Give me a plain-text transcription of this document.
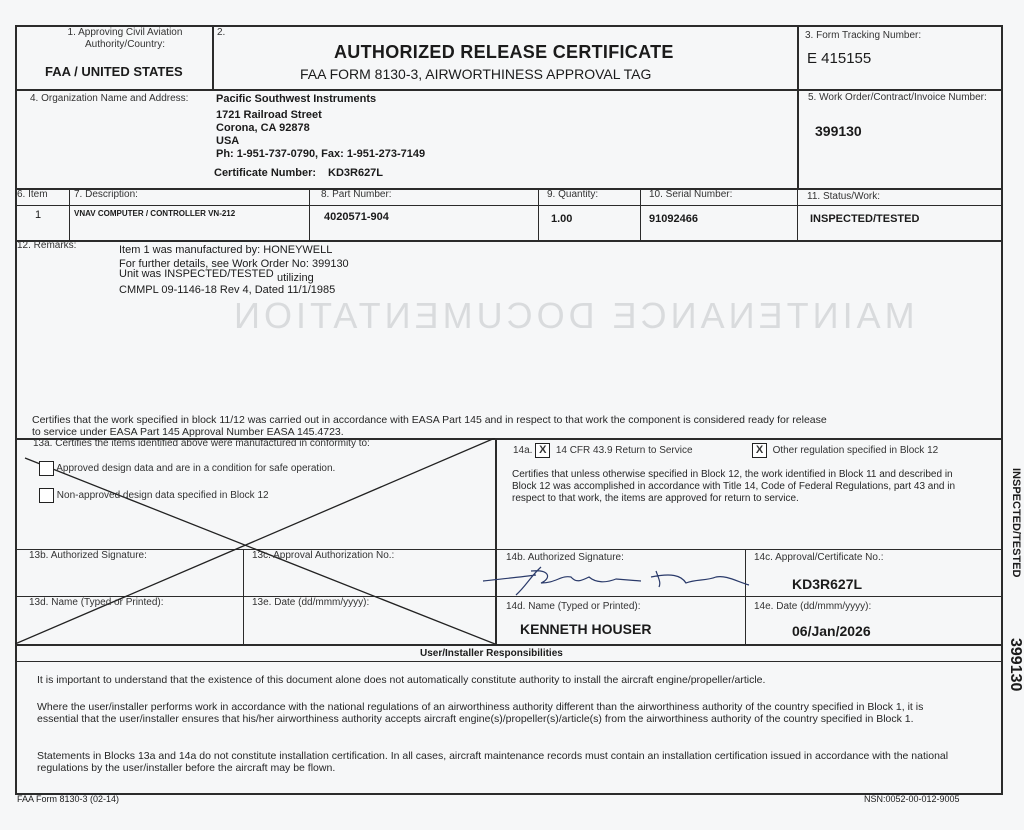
MAINTENANCE DOCUMENTATION
1. Approving Civil Aviation Authority/Country:
FAA / UNITED STATES
2.
AUTHORIZED RELEASE CERTIFICATE
FAA FORM 8130-3, AIRWORTHINESS APPROVAL TAG
3. Form Tracking Number:
E 415155
4. Organization Name and Address:	Pacific Southwest Instruments
1721 Railroad Street
Corona, CA 92878
USA
Ph: 1-951-737-0790, Fax: 1-951-273-7149
Certificate Number: KD3R627L
5. Work Order/Contract/Invoice Number:
399130
6. Item	7. Description:	8. Part Number:	9. Quantity:	10. Serial Number:	11. Status/Work:
1	VNAV COMPUTER / CONTROLLER VN-212	4020571-904	1.00	91092466	INSPECTED/TESTED
12. Remarks:	Item 1 was manufactured by: HONEYWELL
For further details, see Work Order No: 399130
Unit was INSPECTED/TESTED utilizing
CMMPL 09-1146-18 Rev 4, Dated 11/1/1985
Certifies that the work specified in block 11/12 was carried out in accordance with EASA Part 145 and in respect to that work the component is considered ready for release to service under EASA Part 145 Approval Number EASA 145.4723.
13a. Certifies the items identified above were manufactured in conformity to:
Approved design data and are in a condition for safe operation.
Non-approved design data specified in Block 12
13b. Authorized Signature:	13c. Approval Authorization No.:
13d. Name (Typed or Printed):	13e. Date (dd/mmm/yyyy):
14a. X 14 CFR 43.9 Return to Service	X Other regulation specified in Block 12
Certifies that unless otherwise specified in Block 12, the work identified in Block 11 and described in Block 12 was accomplished in accordance with Title 14, Code of Federal Regulations, part 43 and in respect to that work, the items are approved for return to service.
14b. Authorized Signature:	14c. Approval/Certificate No.:
KD3R627L
14d. Name (Typed or Printed):
KENNETH HOUSER
14e. Date (dd/mmm/yyyy):
06/Jan/2026
User/Installer Responsibilities
It is important to understand that the existence of this document alone does not automatically constitute authority to install the aircraft engine/propeller/article.
Where the user/installer performs work in accordance with the national regulations of an airworthiness authority different than the airworthiness authority of the country specified in Block 1, it is essential that the user/installer ensures that his/her airworthiness authority accepts aircraft engine(s)/propeller(s)/article(s) from the airworthiness authority of the country specified in Block 1.
Statements in Blocks 13a and 14a do not constitute installation certification. In all cases, aircraft maintenance records must contain an installation certification issued in accordance with the national regulations by the user/installer before the aircraft may be flown.
FAA Form 8130-3 (02-14)	NSN:0052-00-012-9005
INSPECTED/TESTED
399130
